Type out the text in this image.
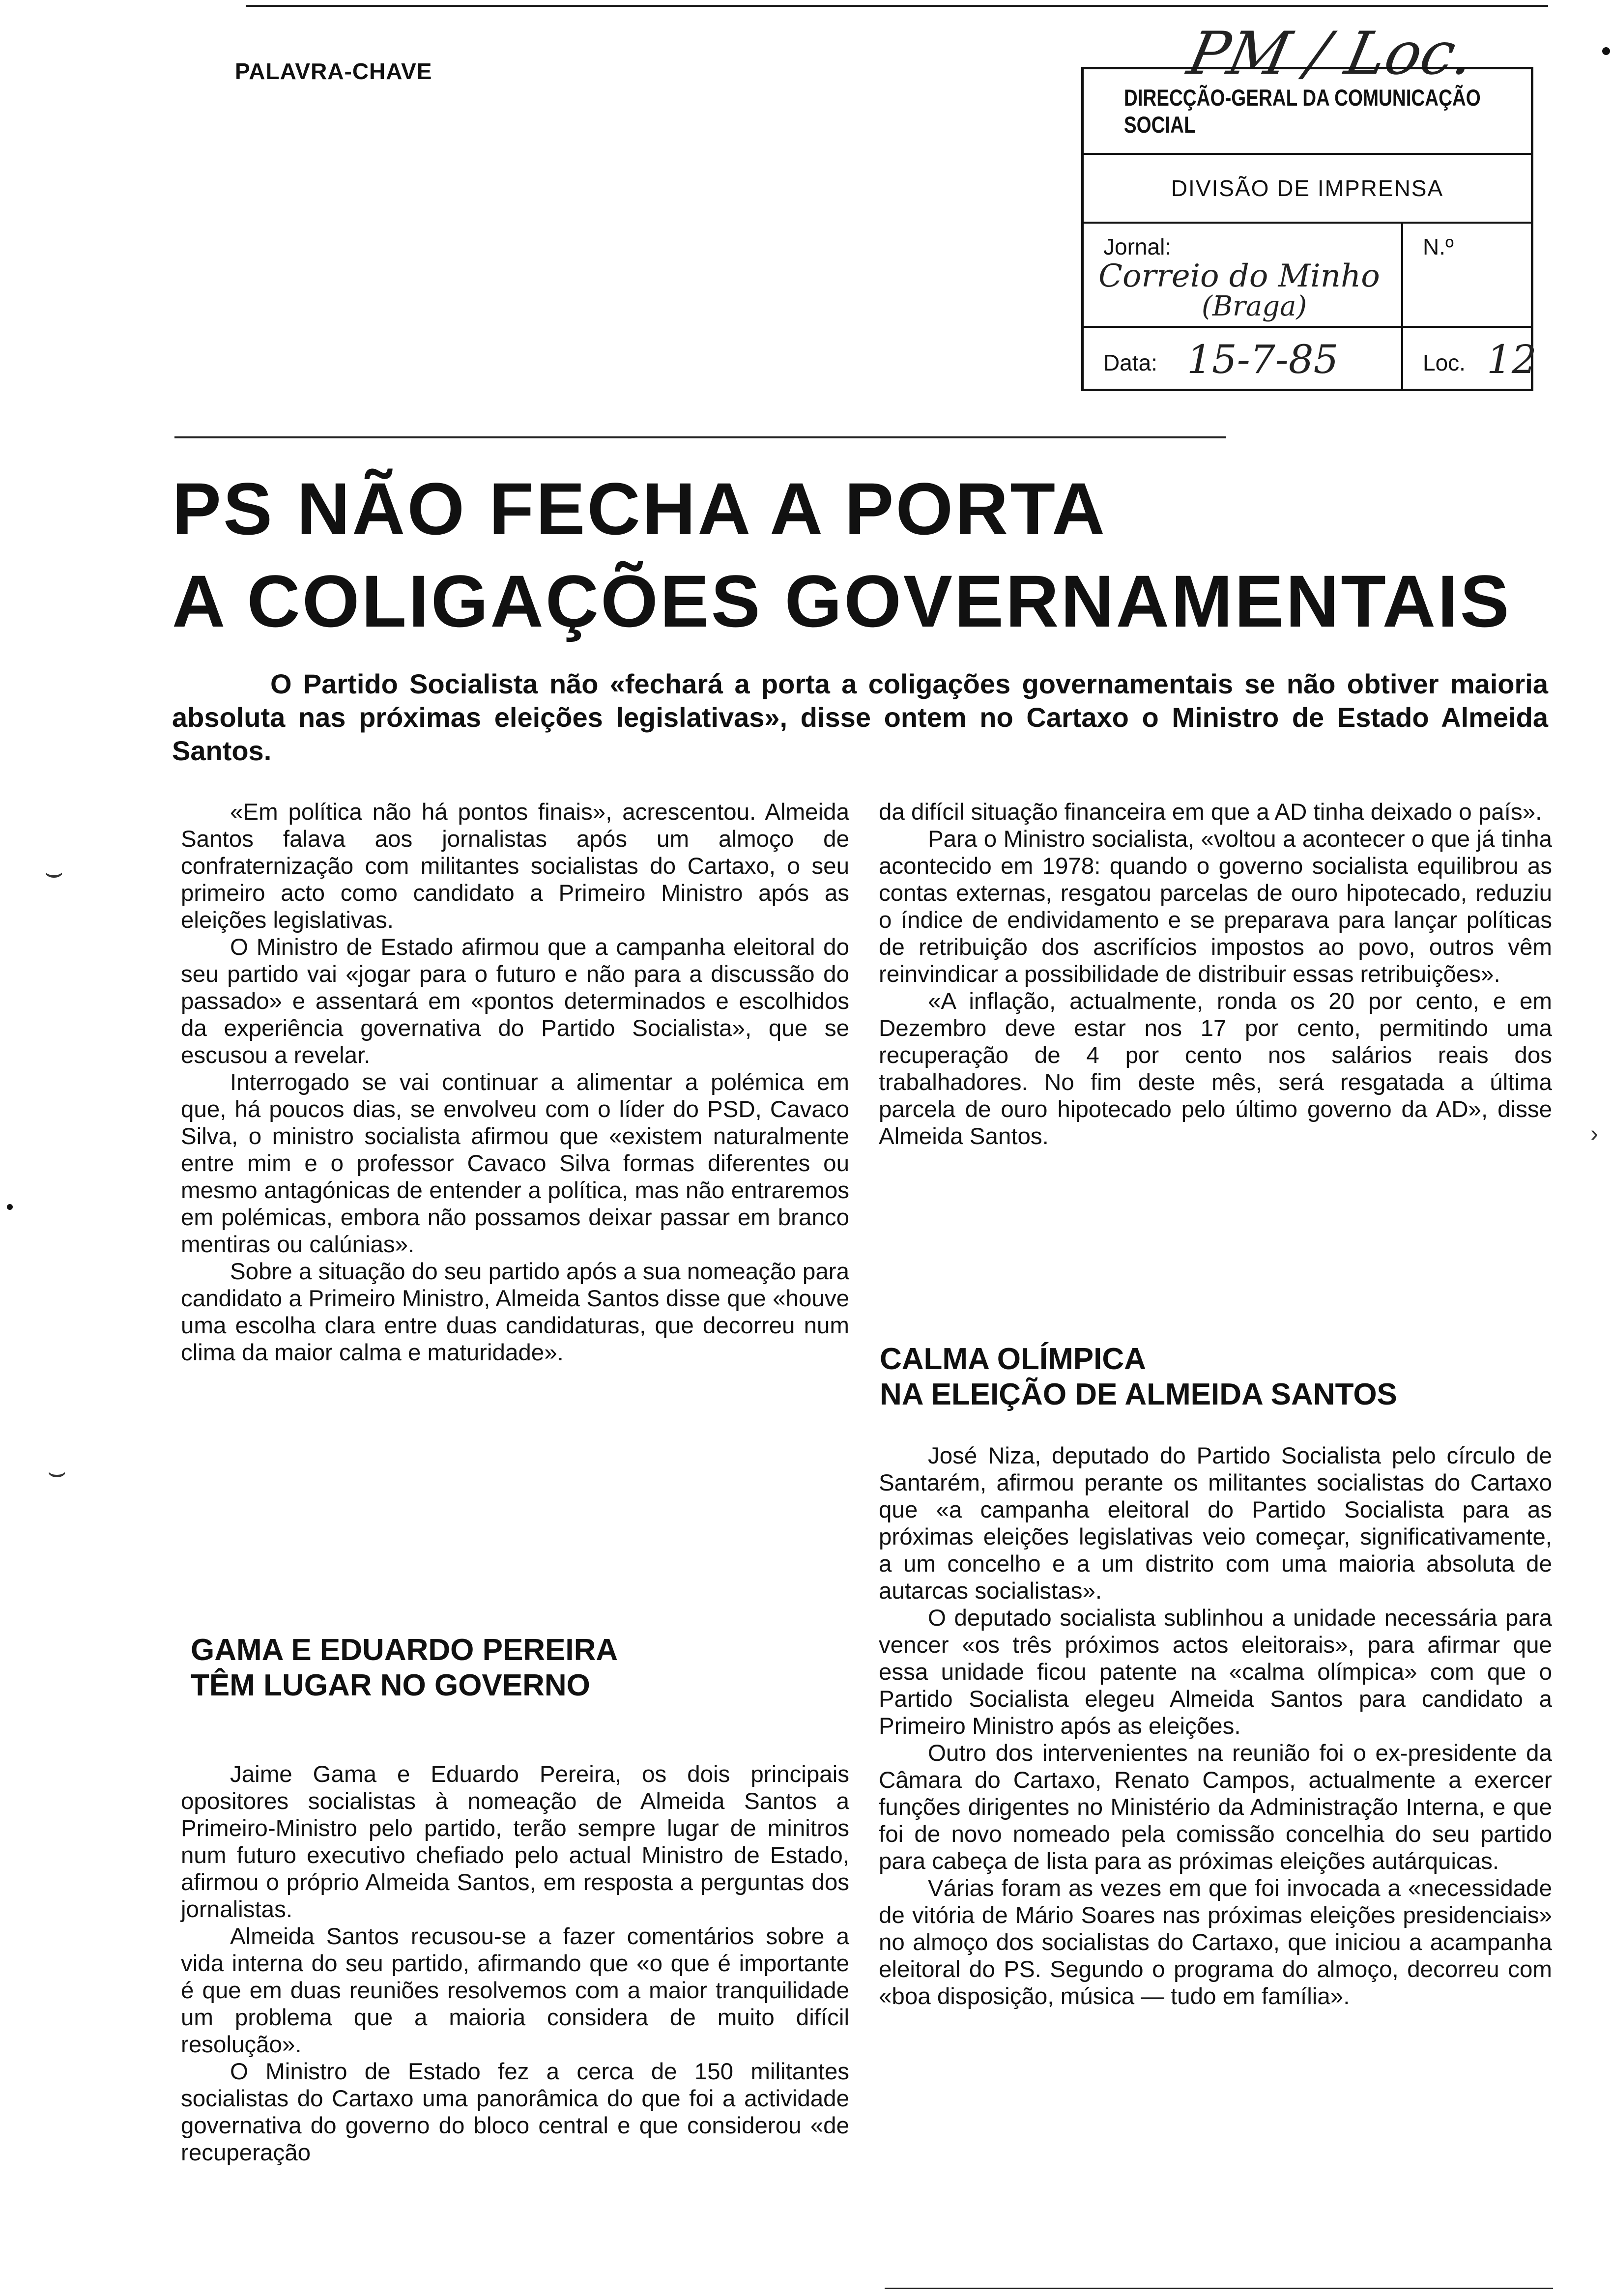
PALAVRA-CHAVE	PM / Loc.
DIRECÇÃO-GERAL DA COMUNICAÇÃO SOCIAL
DIVISÃO DE IMPRENSA
Jornal:
Correio do Minho
(Braga)
N.º
Data: 15-7-85	Loc. 12
PS NÃO FECHA A PORTA
A COLIGAÇÕES GOVERNAMENTAIS
O Partido Socialista não «fechará a porta a coligações governamentais se não obtiver maioria absoluta nas próximas eleições legislativas», disse ontem no Cartaxo o Ministro de Estado Almeida Santos.

«Em política não há pontos finais», acrescentou. Almeida Santos falava aos jornalistas após um almoço de confraternização com militantes socialistas do Cartaxo, o seu primeiro acto como candidato a Primeiro Ministro após as eleições legislativas.

O Ministro de Estado afirmou que a campanha eleitoral do seu partido vai «jogar para o futuro e não para a discussão do passado» e assentará em «pontos determinados e escolhidos da experiência governativa do Partido Socialista», que se escusou a revelar.

Interrogado se vai continuar a alimentar a polémica em que, há poucos dias, se envolveu com o líder do PSD, Cavaco Silva, o ministro socialista afirmou que «existem naturalmente entre mim e o professor Cavaco Silva formas diferentes ou mesmo antagónicas de entender a política, mas não entraremos em polémicas, embora não possamos deixar passar em branco mentiras ou calúnias».

Sobre a situação do seu partido após a sua nomeação para candidato a Primeiro Ministro, Almeida Santos disse que «houve uma escolha clara entre duas candidaturas, que decorreu num clima da maior calma e maturidade».

GAMA E EDUARDO PEREIRA
TÊM LUGAR NO GOVERNO

Jaime Gama e Eduardo Pereira, os dois principais opositores socialistas à nomeação de Almeida Santos a Primeiro-Ministro pelo partido, terão sempre lugar de minitros num futuro executivo chefiado pelo actual Ministro de Estado, afirmou o próprio Almeida Santos, em resposta a perguntas dos jornalistas.

Almeida Santos recusou-se a fazer comentários sobre a vida interna do seu partido, afirmando que «o que é importante é que em duas reuniões resolvemos com a maior tranquilidade um problema que a maioria considera de muito difícil resolução».

O Ministro de Estado fez a cerca de 150 militantes socialistas do Cartaxo uma panorâmica do que foi a actividade governativa do governo do bloco central e que considerou «de recuperação

da difícil situação financeira em que a AD tinha deixado o país».

Para o Ministro socialista, «voltou a acontecer o que já tinha acontecido em 1978: quando o governo socialista equilibrou as contas externas, resgatou parcelas de ouro hipotecado, reduziu o índice de endividamento e se preparava para lançar políticas de retribuição dos ascrifícios impostos ao povo, outros vêm reinvindicar a possibilidade de distribuir essas retribuições».

«A inflação, actualmente, ronda os 20 por cento, e em Dezembro deve estar nos 17 por cento, permitindo uma recuperação de 4 por cento nos salários reais dos trabalhadores. No fim deste mês, será resgatada a última parcela de ouro hipotecado pelo último governo da AD», disse Almeida Santos.

CALMA OLÍMPICA
NA ELEIÇÃO DE ALMEIDA SANTOS

José Niza, deputado do Partido Socialista pelo círculo de Santarém, afirmou perante os militantes socialistas do Cartaxo que «a campanha eleitoral do Partido Socialista para as próximas eleições legislativas veio começar, significativamente, a um concelho e a um distrito com uma maioria absoluta de autarcas socialistas».

O deputado socialista sublinhou a unidade necessária para vencer «os três próximos actos eleitorais», para afirmar que essa unidade ficou patente na «calma olímpica» com que o Partido Socialista elegeu Almeida Santos para candidato a Primeiro Ministro após as eleições.

Outro dos intervenientes na reunião foi o ex-presidente da Câmara do Cartaxo, Renato Campos, actualmente a exercer funções dirigentes no Ministério da Administração Interna, e que foi de novo nomeado pela comissão concelhia do seu partido para cabeça de lista para as próximas eleições autárquicas.

Várias foram as vezes em que foi invocada a «necessidade de vitória de Mário Soares nas próximas eleições presidenciais» no almoço dos socialistas do Cartaxo, que iniciou a acampanha eleitoral do PS. Segundo o programa do almoço, decorreu com «boa disposição, música — tudo em família».

⌣
⌣
›
